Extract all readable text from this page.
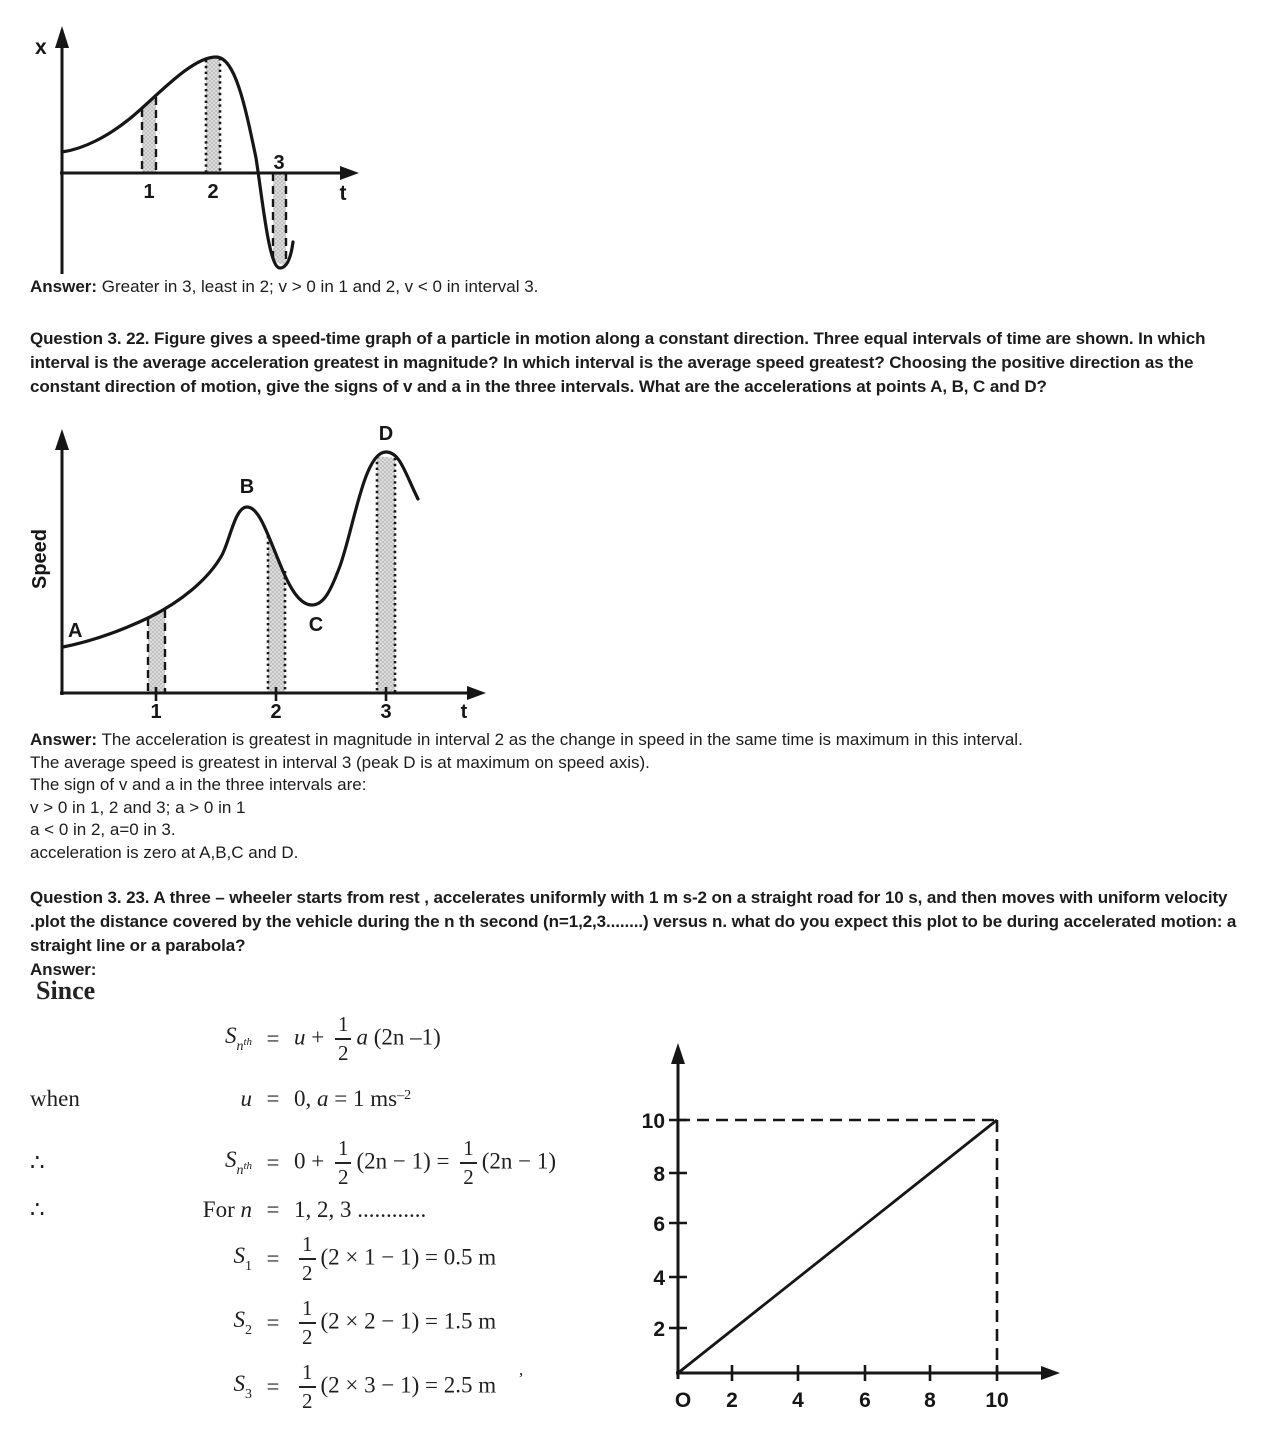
x
t
1	2
3

Answer: Greater in 3, least in 2; v > 0 in 1 and 2, v < 0 in interval 3.

Question 3. 22. Figure gives a speed-time graph of a particle in motion along a constant direction. Three equal intervals of time are shown. In which interval is the average acceleration greatest in magnitude? In which interval is the average speed greatest? Choosing the positive direction as the constant direction of motion, give the signs of v and a in the three intervals. What are the accelerations at points A, B, C and D?

Speed
A
B
C
D
1	2	3	t
Answer: The acceleration is greatest in magnitude in interval 2 as the change in speed in the same time is maximum in this interval.
The average speed is greatest in interval 3 (peak D is at maximum on speed axis).
The sign of v and a in the three intervals are:
v > 0 in 1, 2 and 3; a > 0 in 1
a < 0 in 2, a=0 in 3.
acceleration is zero at A,B,C and D.

Question 3. 23. A three – wheeler starts from rest , accelerates uniformly with 1 m s-2 on a straight road for 10 s, and then moves with uniform velocity .plot the distance covered by the vehicle during the n th second (n=1,2,3........) versus n. what do you expect this plot to be during accelerated motion: a straight line or a parabola?

Answer:
Since
$S_nth = u + \frac{1}{2}$ a (2n –1)
when	u = 0, a = 1 $ms^{-2}$
∴	$S_nth = 0 + \frac{1}{2} (2n - 1) = \frac{1}{2} (2n - 1)$
∴	For n = 1, 2, 3 ............
$S_1 = \frac{1}{2} (2 \times 1 - 1) = 0.5$ m
$S_2 = \frac{1}{2} (2 \times 2 - 1) = 1.5$ m
$S_3 = \frac{1}{2} (2 \times 3 - 1) = 2.5$ m ’
10
8
6
4
2
O 2	4	6	8 10
